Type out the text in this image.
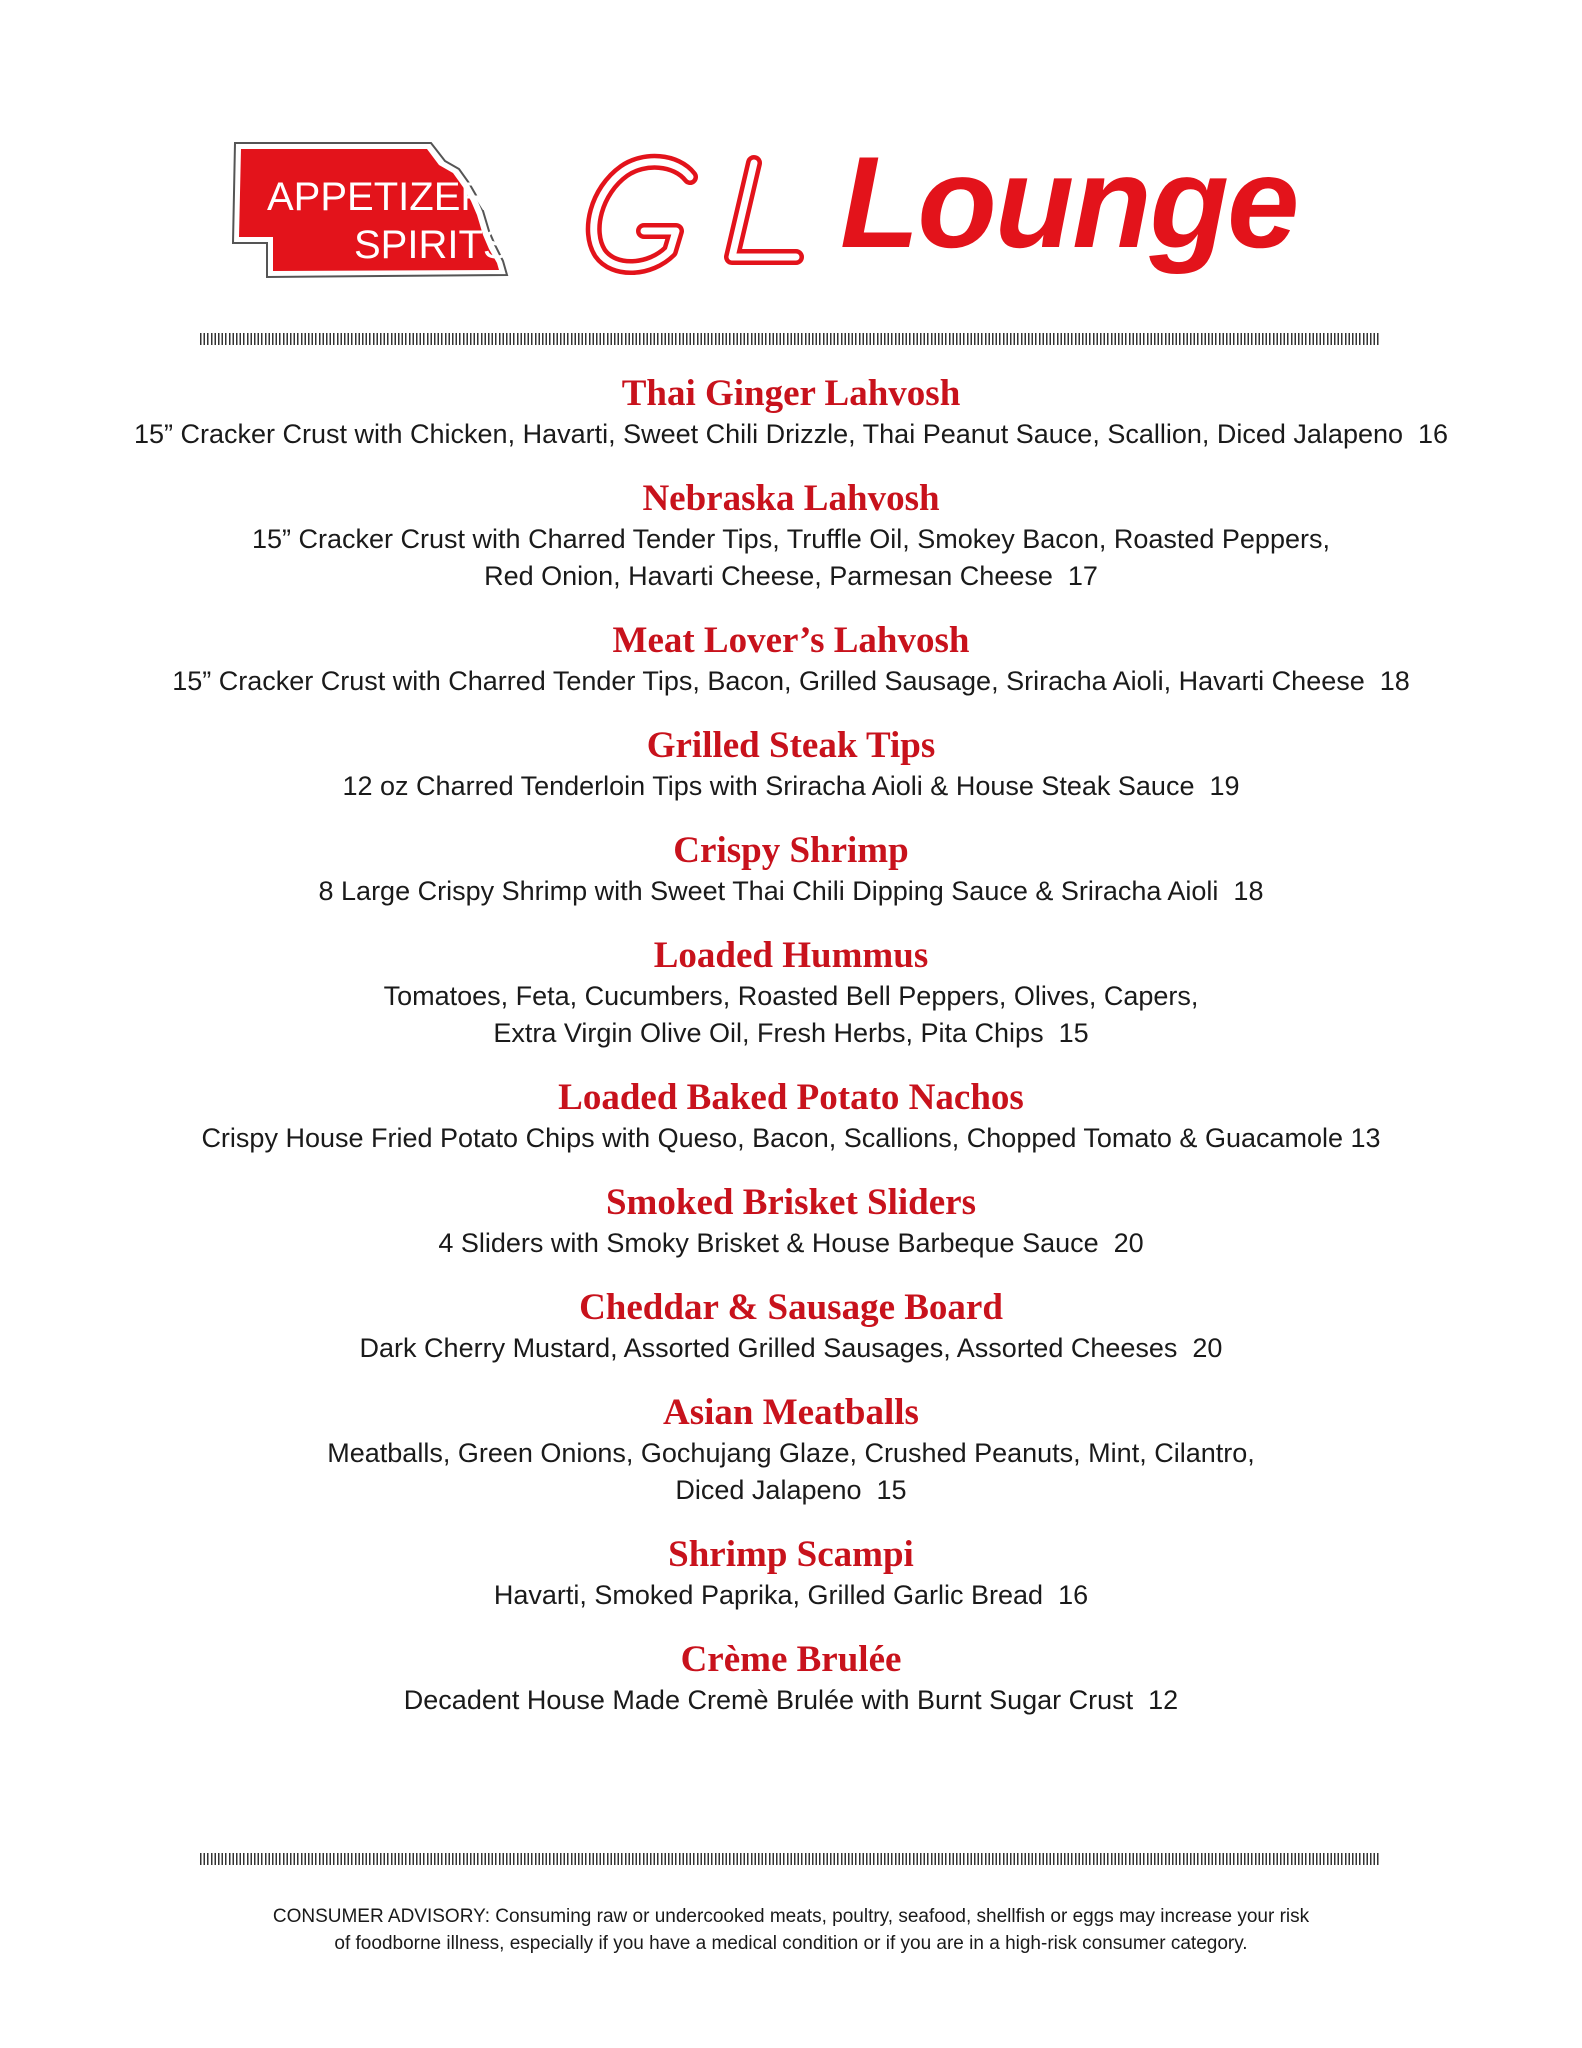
APPETIZERS
SPIRITS	Lounge
Thai Ginger Lahvosh
15” Cracker Crust with Chicken, Havarti, Sweet Chili Drizzle, Thai Peanut Sauce, Scallion, Diced Jalapeno  16
Nebraska Lahvosh
15” Cracker Crust with Charred Tender Tips, Truffle Oil, Smokey Bacon, Roasted Peppers,
Red Onion, Havarti Cheese, Parmesan Cheese  17
Meat Lover’s Lahvosh
15” Cracker Crust with Charred Tender Tips, Bacon, Grilled Sausage, Sriracha Aioli, Havarti Cheese  18
Grilled Steak Tips
12 oz Charred Tenderloin Tips with Sriracha Aioli & House Steak Sauce  19
Crispy Shrimp
8 Large Crispy Shrimp with Sweet Thai Chili Dipping Sauce & Sriracha Aioli  18
Loaded Hummus
Tomatoes, Feta, Cucumbers, Roasted Bell Peppers, Olives, Capers,
Extra Virgin Olive Oil, Fresh Herbs, Pita Chips  15
Loaded Baked Potato Nachos
Crispy House Fried Potato Chips with Queso, Bacon, Scallions, Chopped Tomato & Guacamole 13
Smoked Brisket Sliders
4 Sliders with Smoky Brisket & House Barbeque Sauce  20
Cheddar & Sausage Board
Dark Cherry Mustard, Assorted Grilled Sausages, Assorted Cheeses  20
Asian Meatballs
Meatballs, Green Onions, Gochujang Glaze, Crushed Peanuts, Mint, Cilantro,
Diced Jalapeno  15
Shrimp Scampi
Havarti, Smoked Paprika, Grilled Garlic Bread  16
Crème Brulée
Decadent House Made Cremè Brulée with Burnt Sugar Crust  12
CONSUMER ADVISORY: Consuming raw or undercooked meats, poultry, seafood, shellfish or eggs may increase your risk
of foodborne illness, especially if you have a medical condition or if you are in a high-risk consumer category.
